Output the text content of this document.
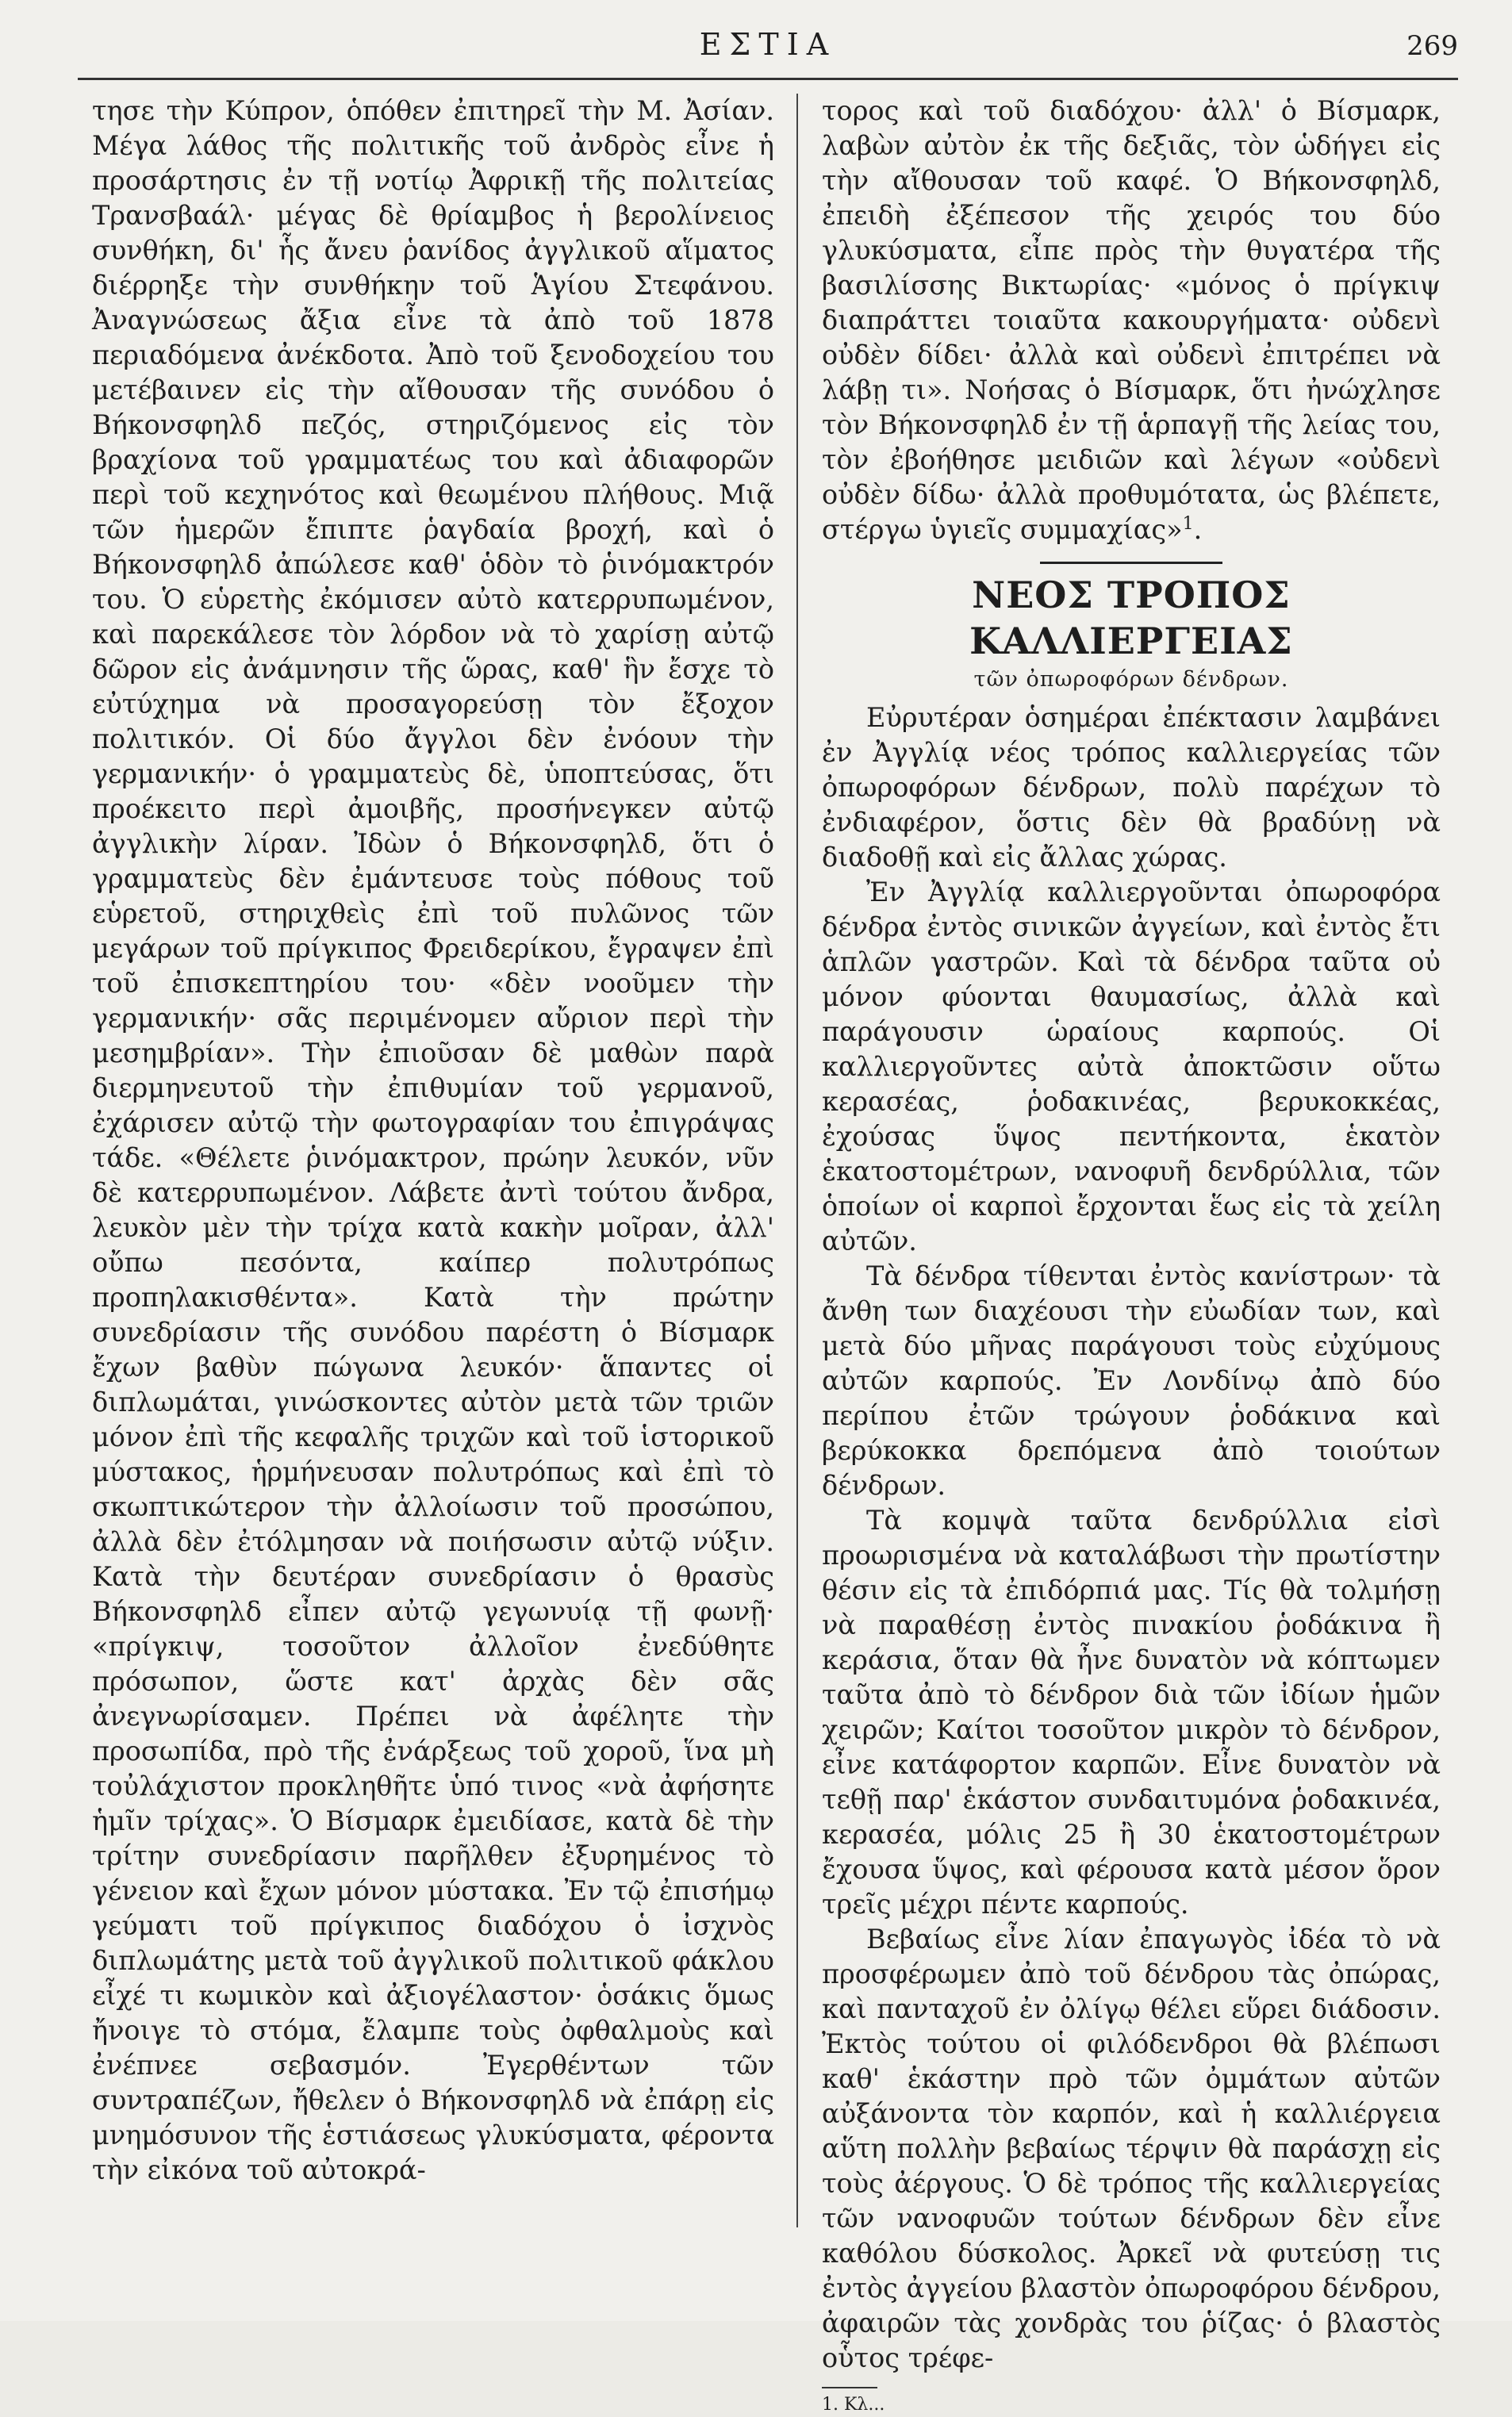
ΕΣΤΙΑ	269

τησε τὴν Κύπρον, ὁπόθεν ἐπιτηρεῖ τὴν Μ. Ἀσίαν. Μέγα λάθος τῆς πολιτικῆς τοῦ ἀνδρὸς εἶνε ἡ προσάρτησις ἐν τῇ νοτίῳ Ἀφρικῇ τῆς πολιτείας Τρανσβαάλ· μέγας δὲ θρίαμβος ἡ βερολίνειος συνθήκη, δι' ἧς ἄνευ ῥανίδος ἀγγλικοῦ αἵματος διέρρηξε τὴν συνθήκην τοῦ Ἁγίου Στεφάνου. Ἀναγνώσεως ἄξια εἶνε τὰ ἀπὸ τοῦ 1878 περιαδόμενα ἀνέκδοτα. Ἀπὸ τοῦ ξενοδοχείου του μετέβαινεν εἰς τὴν αἴθουσαν τῆς συνόδου ὁ Βήκονσφηλδ πεζός, στηριζόμενος εἰς τὸν βραχίονα τοῦ γραμματέως του καὶ ἀδιαφορῶν περὶ τοῦ κεχηνότος καὶ θεωμένου πλήθους. Μιᾷ τῶν ἡμερῶν ἔπιπτε ῥαγδαία βροχή, καὶ ὁ Βήκονσφηλδ ἀπώλεσε καθ' ὁδὸν τὸ ῥινόμακτρόν του. Ὁ εὑρετὴς ἐκόμισεν αὐτὸ κατερρυπωμένον, καὶ παρεκάλεσε τὸν λόρδον νὰ τὸ χαρίσῃ αὐτῷ δῶρον εἰς ἀνάμνησιν τῆς ὥρας, καθ' ἣν ἔσχε τὸ εὐτύχημα νὰ προσαγορεύσῃ τὸν ἔξοχον πολιτικόν. Οἱ δύο ἄγγλοι δὲν ἐνόουν τὴν γερμανικήν· ὁ γραμματεὺς δὲ, ὑποπτεύσας, ὅτι προέκειτο περὶ ἀμοιβῆς, προσήνεγκεν αὐτῷ ἀγγλικὴν λίραν. Ἰδὼν ὁ Βήκονσφηλδ, ὅτι ὁ γραμματεὺς δὲν ἐμάντευσε τοὺς πόθους τοῦ εὑρετοῦ, στηριχθεὶς ἐπὶ τοῦ πυλῶνος τῶν μεγάρων τοῦ πρίγκιπος Φρειδερίκου, ἔγραψεν ἐπὶ τοῦ ἐπισκεπτηρίου του· «δὲν νοοῦμεν τὴν γερμανικήν· σᾶς περιμένομεν αὔριον περὶ τὴν μεσημβρίαν». Τὴν ἐπιοῦσαν δὲ μαθὼν παρὰ διερμηνευτοῦ τὴν ἐπιθυμίαν τοῦ γερμανοῦ, ἐχάρισεν αὐτῷ τὴν φωτογραφίαν του ἐπιγράψας τάδε. «Θέλετε ῥινόμακτρον, πρώην λευκόν, νῦν δὲ κατερρυπωμένον. Λάβετε ἀντὶ τούτου ἄνδρα, λευκὸν μὲν τὴν τρίχα κατὰ κακὴν μοῖραν, ἀλλ' οὔπω πεσόντα, καίπερ πολυτρόπως προπηλακισθέντα». Κατὰ τὴν πρώτην συνεδρίασιν τῆς συνόδου παρέστη ὁ Βίσμαρκ ἔχων βαθὺν πώγωνα λευκόν· ἅπαντες οἱ διπλωμάται, γινώσκοντες αὐτὸν μετὰ τῶν τριῶν μόνον ἐπὶ τῆς κεφαλῆς τριχῶν καὶ τοῦ ἱστορικοῦ μύστακος, ἡρμήνευσαν πολυτρόπως καὶ ἐπὶ τὸ σκωπτικώτερον τὴν ἀλλοίωσιν τοῦ προσώπου, ἀλλὰ δὲν ἐτόλμησαν νὰ ποιήσωσιν αὐτῷ νύξιν. Κατὰ τὴν δευτέραν συνεδρίασιν ὁ θρασὺς Βήκονσφηλδ εἶπεν αὐτῷ γεγωνυίᾳ τῇ φωνῇ· «πρίγκιψ, τοσοῦτον ἀλλοῖον ἐνεδύθητε πρόσωπον, ὥστε κατ' ἀρχὰς δὲν σᾶς ἀνεγνωρίσαμεν. Πρέπει νὰ ἀφέλητε τὴν προσωπίδα, πρὸ τῆς ἐνάρξεως τοῦ χοροῦ, ἵνα μὴ τοὐλάχιστον προκληθῆτε ὑπό τινος «νὰ ἀφήσητε ἡμῖν τρίχας». Ὁ Βίσμαρκ ἐμειδίασε, κατὰ δὲ τὴν τρίτην συνεδρίασιν παρῆλθεν ἐξυρημένος τὸ γένειον καὶ ἔχων μόνον μύστακα. Ἐν τῷ ἐπισήμῳ γεύματι τοῦ πρίγκιπος διαδόχου ὁ ἰσχνὸς διπλωμάτης μετὰ τοῦ ἀγγλικοῦ πολιτικοῦ φάκλου εἶχέ τι κωμικὸν καὶ ἀξιογέλαστον· ὁσάκις ὅμως ἤνοιγε τὸ στόμα, ἔλαμπε τοὺς ὀφθαλμοὺς καὶ ἐνέπνεε σεβασμόν. Ἐγερθέντων τῶν συντραπέζων, ἤθελεν ὁ Βήκονσφηλδ νὰ ἐπάρῃ εἰς μνημόσυνον τῆς ἑστιάσεως γλυκύσματα, φέροντα τὴν εἰκόνα τοῦ αὐτοκρά-

τορος καὶ τοῦ διαδόχου· ἀλλ' ὁ Βίσμαρκ, λαβὼν αὐτὸν ἐκ τῆς δεξιᾶς, τὸν ὡδήγει εἰς τὴν αἴθουσαν τοῦ καφέ. Ὁ Βήκονσφηλδ, ἐπειδὴ ἐξέπεσον τῆς χειρός του δύο γλυκύσματα, εἶπε πρὸς τὴν θυγατέρα τῆς βασιλίσσης Βικτωρίας· «μόνος ὁ πρίγκιψ διαπράττει τοιαῦτα κακουργήματα· οὐδενὶ οὐδὲν δίδει· ἀλλὰ καὶ οὐδενὶ ἐπιτρέπει νὰ λάβῃ τι». Νοήσας ὁ Βίσμαρκ, ὅτι ἠνώχλησε τὸν Βήκονσφηλδ ἐν τῇ ἁρπαγῇ τῆς λείας του, τὸν ἐβοήθησε μειδιῶν καὶ λέγων «οὐδενὶ οὐδὲν δίδω· ἀλλὰ προθυμότατα, ὡς βλέπετε, στέργω ὑγιεῖς συμμαχίας»$^1$.

ΝΕΟΣ ΤΡΟΠΟΣ ΚΑΛΛΙΕΡΓΕΙΑΣ
τῶν ὀπωροφόρων δένδρων.

Εὐρυτέραν ὁσημέραι ἐπέκτασιν λαμβάνει ἐν Ἀγγλίᾳ νέος τρόπος καλλιεργείας τῶν ὀπωροφόρων δένδρων, πολὺ παρέχων τὸ ἐνδιαφέρον, ὅστις δὲν θὰ βραδύνῃ νὰ διαδοθῇ καὶ εἰς ἄλλας χώρας.

Ἐν Ἀγγλίᾳ καλλιεργοῦνται ὀπωροφόρα δένδρα ἐντὸς σινικῶν ἀγγείων, καὶ ἐντὸς ἔτι ἁπλῶν γαστρῶν. Καὶ τὰ δένδρα ταῦτα οὐ μόνον φύονται θαυμασίως, ἀλλὰ καὶ παράγουσιν ὡραίους καρπούς. Οἱ καλλιεργοῦντες αὐτὰ ἀποκτῶσιν οὕτω κερασέας, ῥοδακινέας, βερυκοκκέας, ἐχούσας ὕψος πεντήκοντα, ἑκατὸν ἑκατοστομέτρων, νανοφυῆ δενδρύλλια, τῶν ὁποίων οἱ καρποὶ ἔρχονται ἕως εἰς τὰ χείλη αὐτῶν.

Τὰ δένδρα τίθενται ἐντὸς κανίστρων· τὰ ἄνθη των διαχέουσι τὴν εὐωδίαν των, καὶ μετὰ δύο μῆνας παράγουσι τοὺς εὐχύμους αὐτῶν καρπούς. Ἐν Λονδίνῳ ἀπὸ δύο περίπου ἐτῶν τρώγουν ῥοδάκινα καὶ βερύκοκκα δρεπόμενα ἀπὸ τοιούτων δένδρων.

Τὰ κομψὰ ταῦτα δενδρύλλια εἰσὶ προωρισμένα νὰ καταλάβωσι τὴν πρωτίστην θέσιν εἰς τὰ ἐπιδόρπιά μας. Τίς θὰ τολμήσῃ νὰ παραθέσῃ ἐντὸς πινακίου ῥοδάκινα ἢ κεράσια, ὅταν θὰ ἦνε δυνατὸν νὰ κόπτωμεν ταῦτα ἀπὸ τὸ δένδρον διὰ τῶν ἰδίων ἡμῶν χειρῶν; Καίτοι τοσοῦτον μικρὸν τὸ δένδρον, εἶνε κατάφορτον καρπῶν. Εἶνε δυνατὸν νὰ τεθῇ παρ' ἑκάστον συνδαιτυμόνα ῥοδακινέα, κερασέα, μόλις 25 ἢ 30 ἑκατοστομέτρων ἔχουσα ὕψος, καὶ φέρουσα κατὰ μέσον ὅρον τρεῖς μέχρι πέντε καρπούς.

Βεβαίως εἶνε λίαν ἐπαγωγὸς ἰδέα τὸ νὰ προσφέρωμεν ἀπὸ τοῦ δένδρου τὰς ὀπώρας, καὶ πανταχοῦ ἐν ὀλίγῳ θέλει εὕρει διάδοσιν. Ἐκτὸς τούτου οἱ φιλόδενδροι θὰ βλέπωσι καθ' ἑκάστην πρὸ τῶν ὀμμάτων αὐτῶν αὐξάνοντα τὸν καρπόν, καὶ ἡ καλλιέργεια αὕτη πολλὴν βεβαίως τέρψιν θὰ παράσχῃ εἰς τοὺς ἀέργους. Ὁ δὲ τρόπος τῆς καλλιεργείας τῶν νανοφυῶν τούτων δένδρων δὲν εἶνε καθόλου δύσκολος. Ἀρκεῖ νὰ φυτεύσῃ τις ἐντὸς ἀγγείου βλαστὸν ὀπωροφόρου δένδρου, ἀφαιρῶν τὰς χονδρὰς του ῥίζας· ὁ βλαστὸς οὗτος τρέφε-

1. Κλ...
